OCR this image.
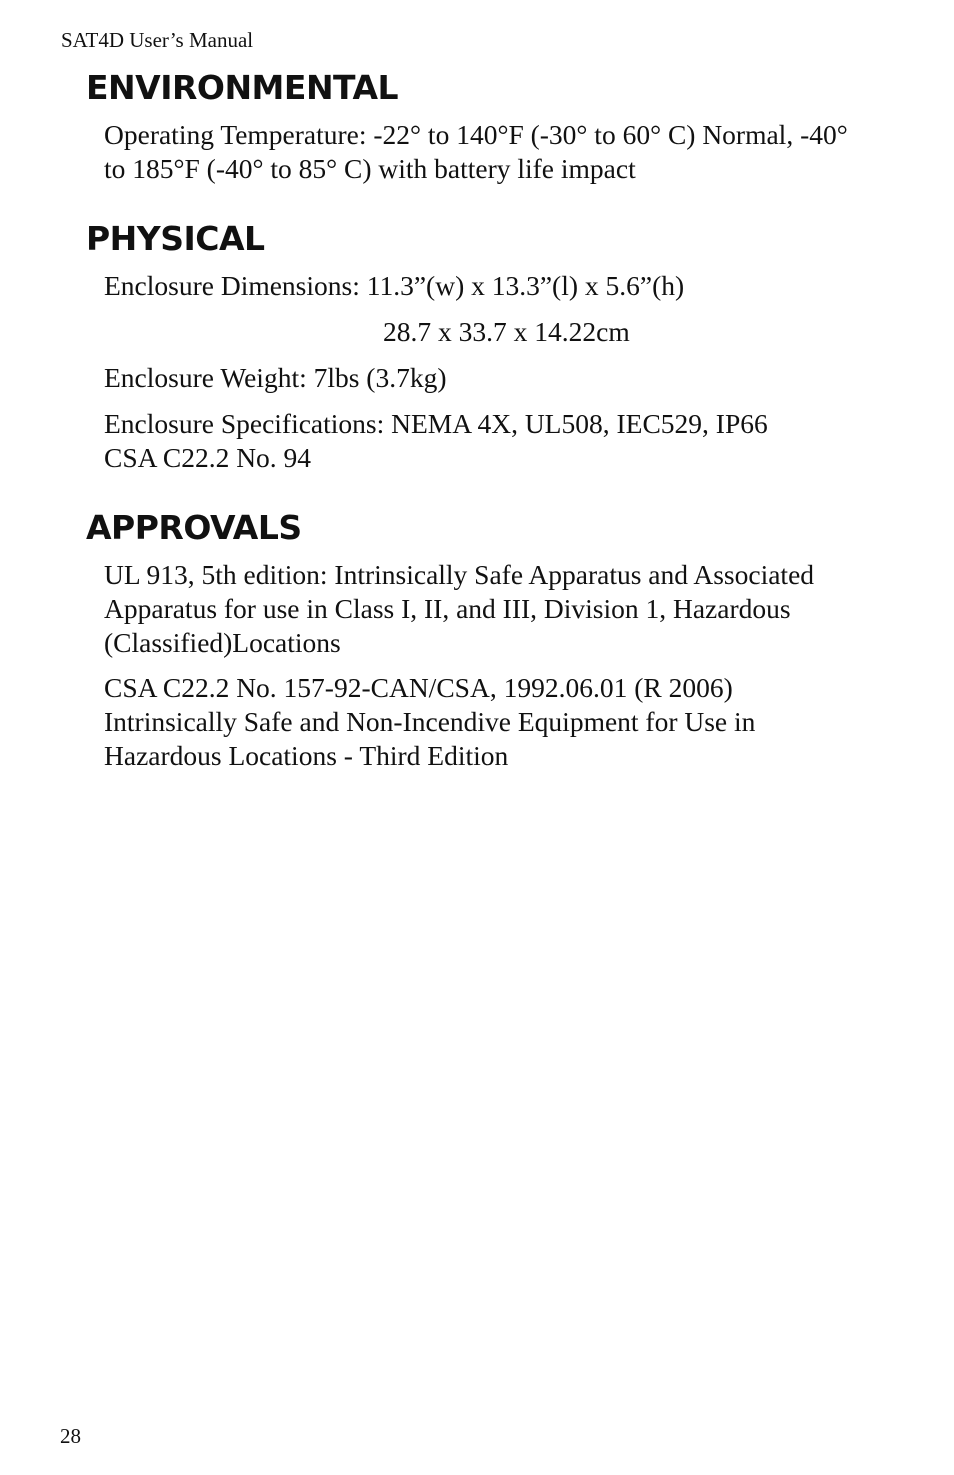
SAT4D User’s Manual
ENVIRONMENTAL

Operating Temperature: -22° to 140°F (-30° to 60° C) Normal, -40°
to 185°F (-40° to 85° C) with battery life impact

PHYSICAL

Enclosure Dimensions: 11.3”(w) x 13.3”(l) x 5.6”(h)

28.7 x 33.7 x 14.22cm

Enclosure Weight: 7lbs (3.7kg)

Enclosure Specifications: NEMA 4X, UL508, IEC529, IP66
CSA C22.2 No. 94

APPROVALS

UL 913, 5th edition: Intrinsically Safe Apparatus and Associated
Apparatus for use in Class I, II, and III, Division 1, Hazardous
(Classified)Locations

CSA C22.2 No. 157-92-CAN/CSA, 1992.06.01 (R 2006)
Intrinsically Safe and Non-Incendive Equipment for Use in
Hazardous Locations - Third Edition

28
